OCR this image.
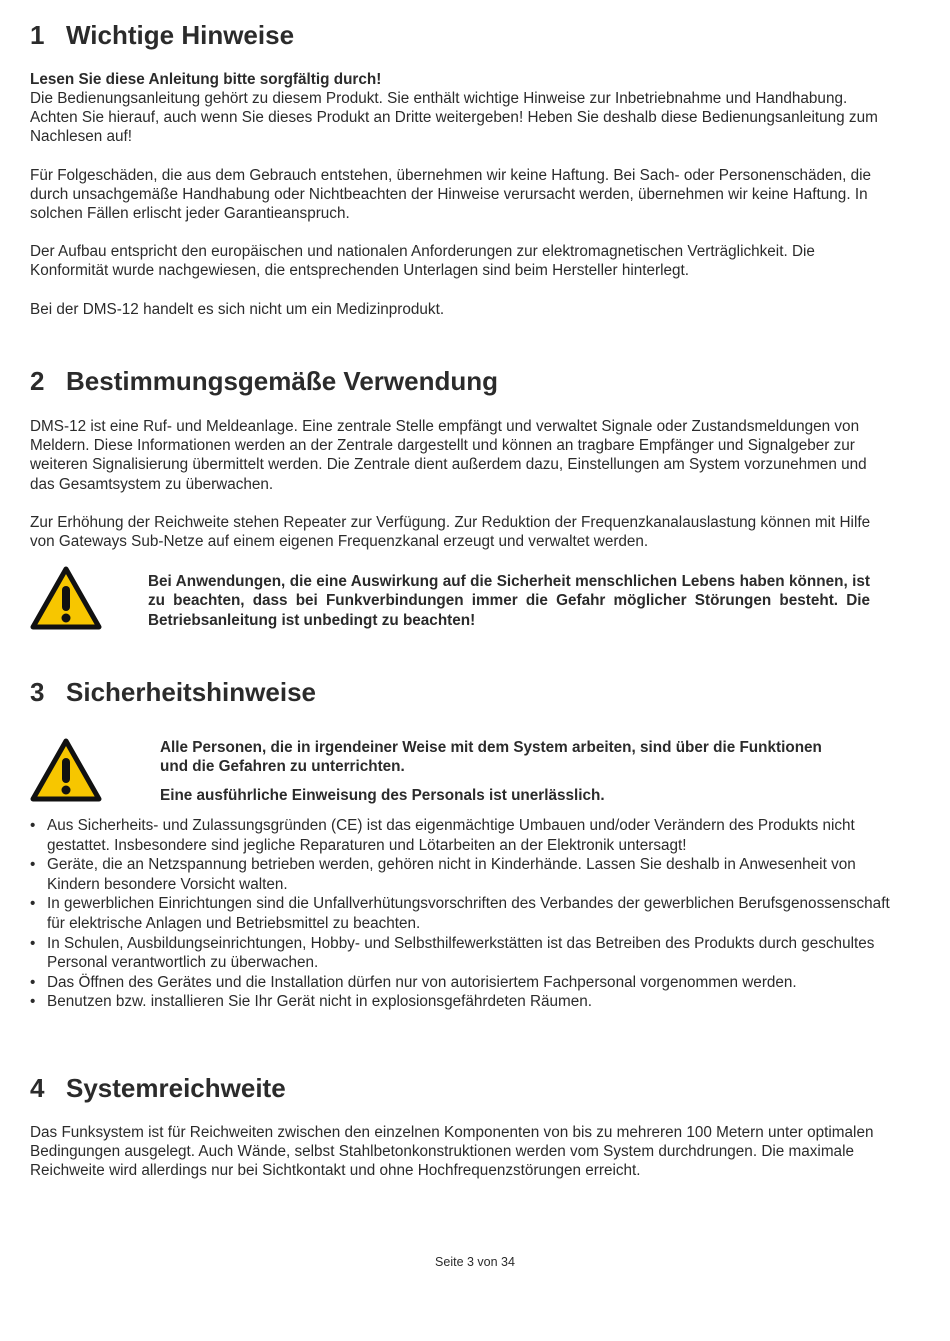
1 Wichtige Hinweise

Lesen Sie diese Anleitung bitte sorgfältig durch!

Die Bedienungsanleitung gehört zu diesem Produkt. Sie enthält wichtige Hinweise zur Inbetriebnahme und Handhabung. Achten Sie hierauf, auch wenn Sie dieses Produkt an Dritte weitergeben! Heben Sie deshalb diese Bedienungsanleitung zum Nachlesen auf!

Für Folgeschäden, die aus dem Gebrauch entstehen, übernehmen wir keine Haftung. Bei Sach- oder Personenschäden, die durch unsachgemäße Handhabung oder Nichtbeachten der Hinweise verursacht werden, übernehmen wir keine Haftung. In solchen Fällen erlischt jeder Garantieanspruch.

Der Aufbau entspricht den europäischen und nationalen Anforderungen zur elektromagnetischen Verträglichkeit. Die Konformität wurde nachgewiesen, die entsprechenden Unterlagen sind beim Hersteller hinterlegt.

Bei der DMS-12 handelt es sich nicht um ein Medizinprodukt.

2 Bestimmungsgemäße Verwendung

DMS-12 ist eine Ruf- und Meldeanlage. Eine zentrale Stelle empfängt und verwaltet Signale oder Zustandsmeldungen von Meldern. Diese Informationen werden an der Zentrale dargestellt und können an tragbare Empfänger und Signalgeber zur weiteren Signalisierung übermittelt werden. Die Zentrale dient außerdem dazu, Einstellungen am System vorzunehmen und das Gesamtsystem zu überwachen.

Zur Erhöhung der Reichweite stehen Repeater zur Verfügung. Zur Reduktion der Frequenzkanalauslastung können mit Hilfe von Gateways Sub-Netze auf einem eigenen Frequenzkanal erzeugt und verwaltet werden.

Bei Anwendungen, die eine Auswirkung auf die Sicherheit menschlichen Lebens haben können, ist zu beachten, dass bei Funkverbindungen immer die Gefahr möglicher Störungen besteht. Die Betriebsanleitung ist unbedingt zu beachten!

3 Sicherheitshinweise

Alle Personen, die in irgendeiner Weise mit dem System arbeiten, sind über die Funktionen und die Gefahren zu unterrichten.

Eine ausführliche Einweisung des Personals ist unerlässlich.

• Aus Sicherheits- und Zulassungsgründen (CE) ist das eigenmächtige Umbauen und/oder Verändern des Produkts nicht gestattet. Insbesondere sind jegliche Reparaturen und Lötarbeiten an der Elektronik untersagt!
• Geräte, die an Netzspannung betrieben werden, gehören nicht in Kinderhände. Lassen Sie deshalb in Anwesenheit von Kindern besondere Vorsicht walten.
• In gewerblichen Einrichtungen sind die Unfallverhütungsvorschriften des Verbandes der gewerblichen Berufsgenossenschaft für elektrische Anlagen und Betriebsmittel zu beachten.
• In Schulen, Ausbildungseinrichtungen, Hobby- und Selbsthilfewerkstätten ist das Betreiben des Produkts durch geschultes Personal verantwortlich zu überwachen.
• Das Öffnen des Gerätes und die Installation dürfen nur von autorisiertem Fachpersonal vorgenommen werden.
• Benutzen bzw. installieren Sie Ihr Gerät nicht in explosionsgefährdeten Räumen.
4 Systemreichweite

Das Funksystem ist für Reichweiten zwischen den einzelnen Komponenten von bis zu mehreren 100 Metern unter optimalen Bedingungen ausgelegt. Auch Wände, selbst Stahlbetonkonstruktionen werden vom System durchdrungen. Die maximale Reichweite wird allerdings nur bei Sichtkontakt und ohne Hochfrequenzstörungen erreicht.

Seite 3 von 34
